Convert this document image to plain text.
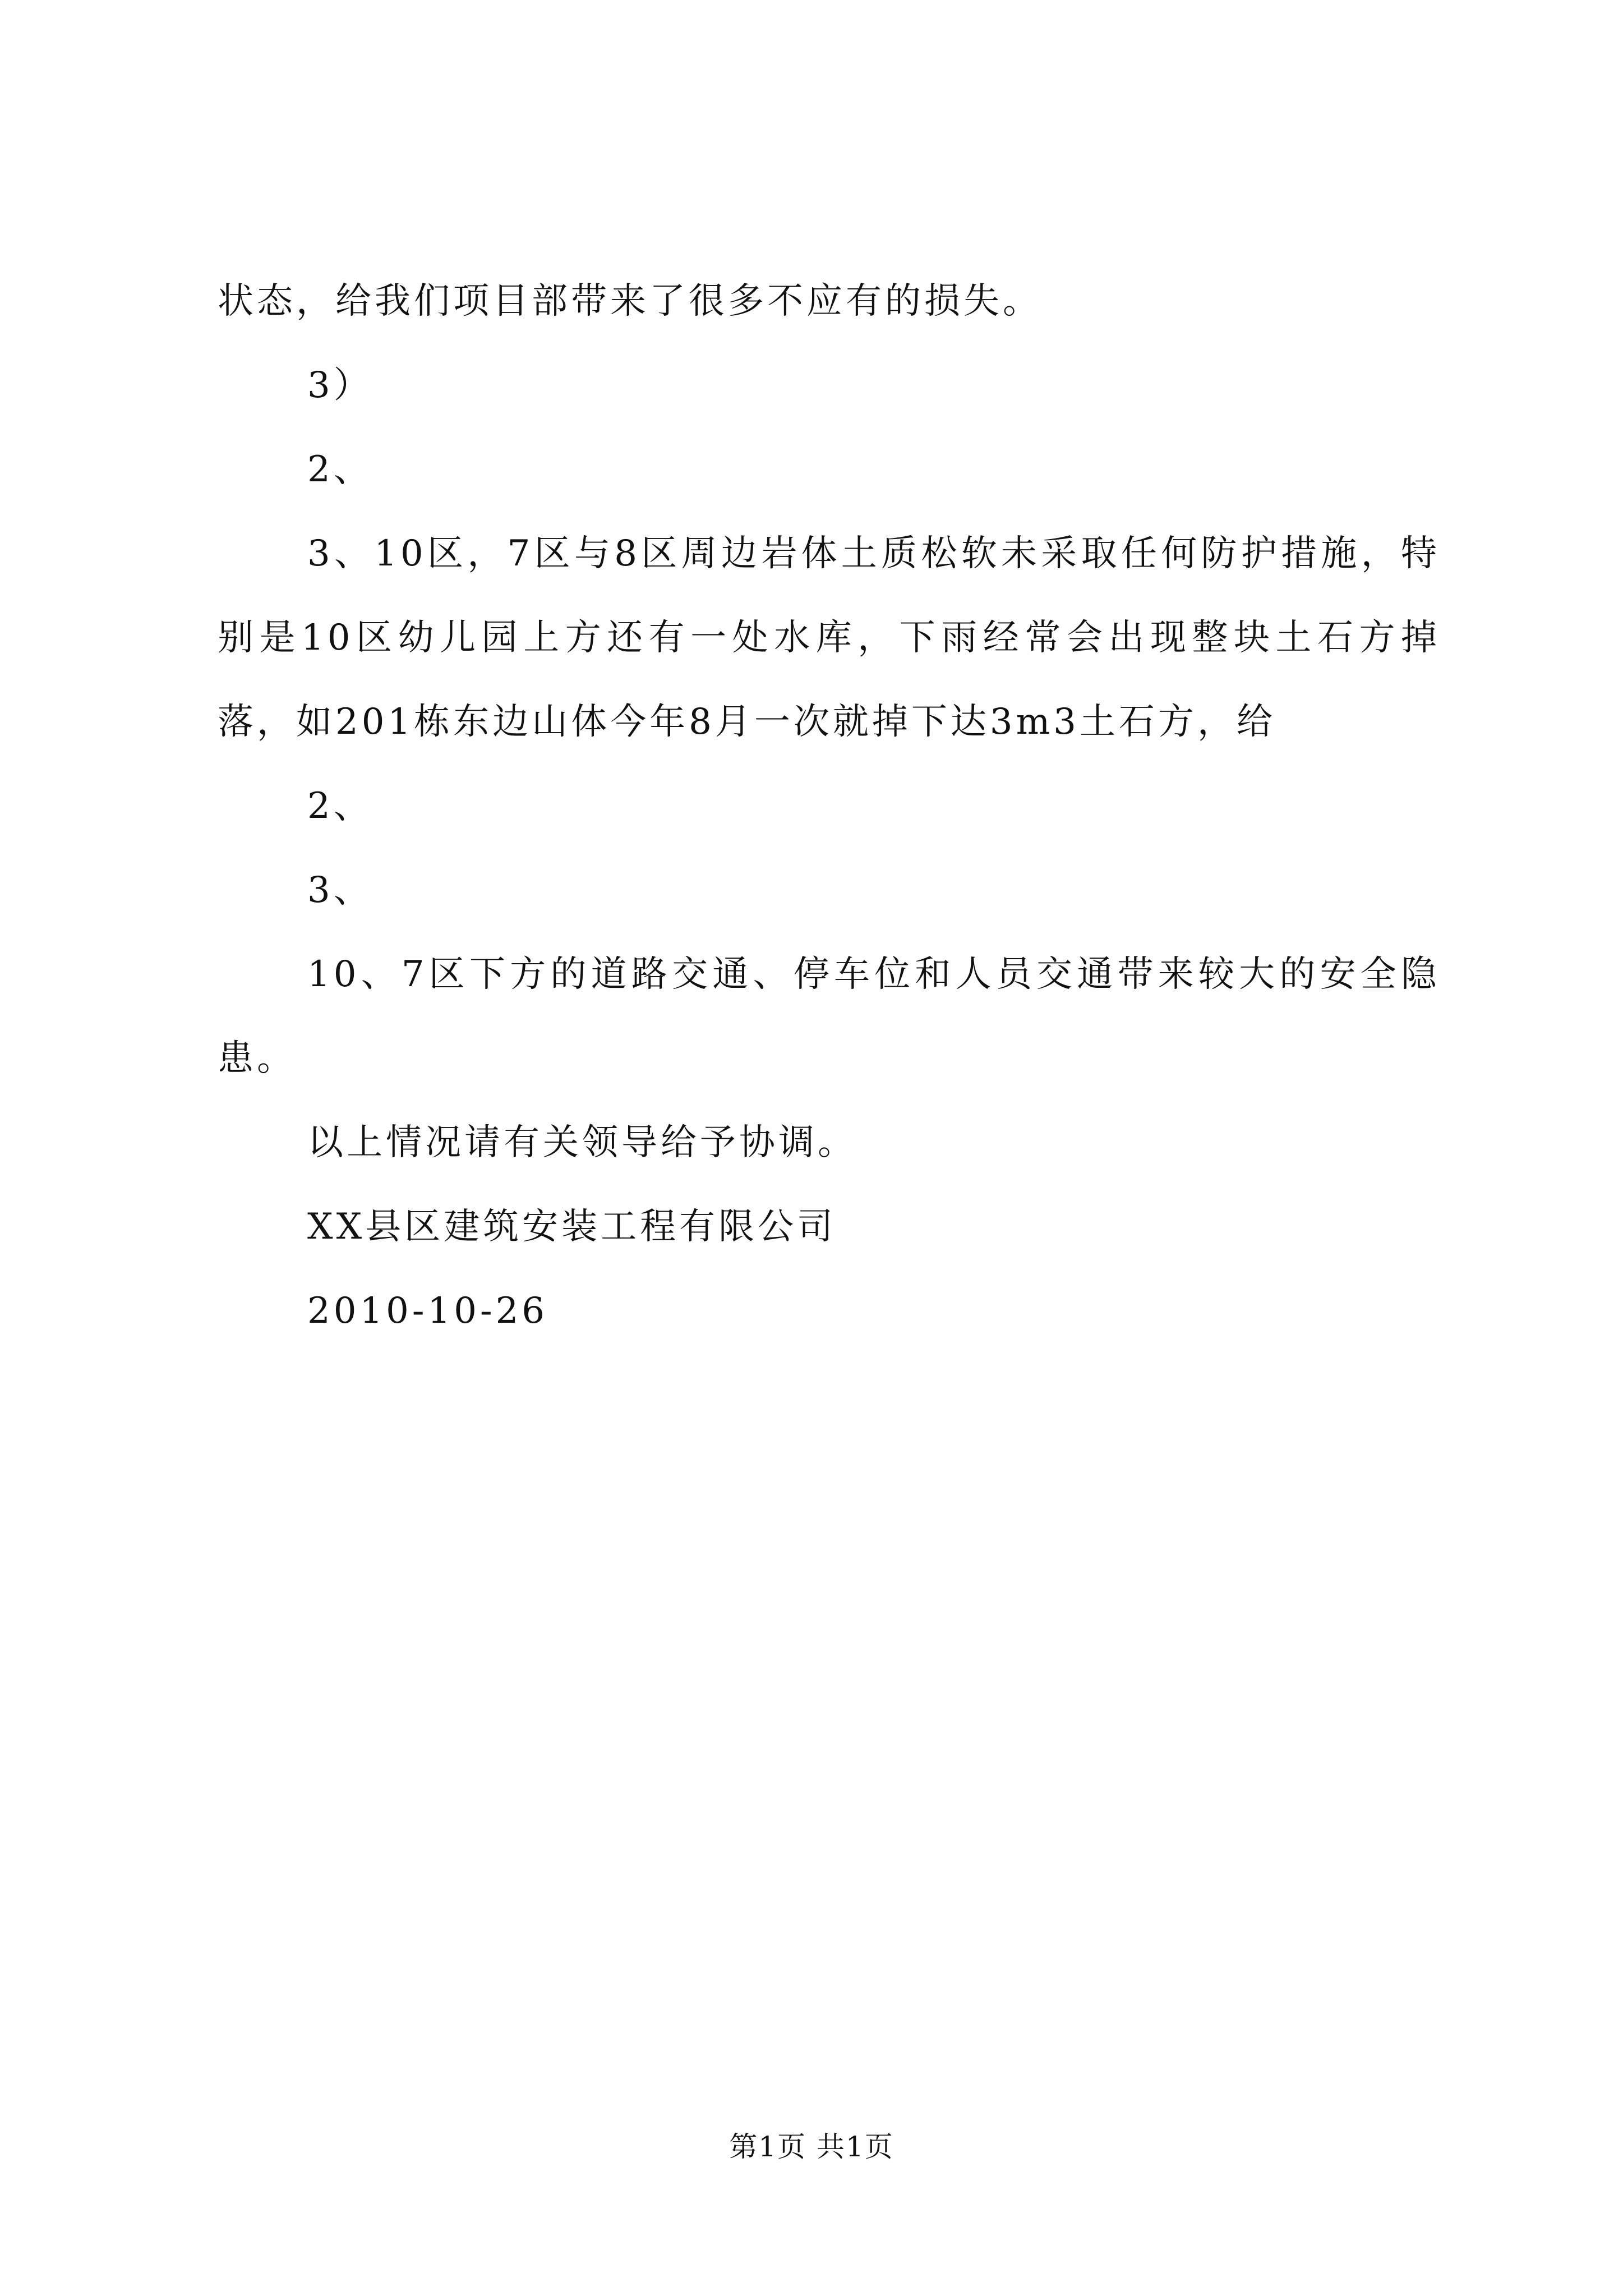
状态，给我们项目部带来了很多不应有的损失。

3）

2、

3、10区，7区与8区周边岩体土质松软未采取任何防护措施，特别是10区幼儿园上方还有一处水库，下雨经常会出现整块土石方掉落，如201栋东边山体今年8月一次就掉下达3m3土石方，给

2、

3、

10、7区下方的道路交通、停车位和人员交通带来较大的安全隐患。

以上情况请有关领导给予协调。

XX县区建筑安装工程有限公司

2010-10-26

第1页 共1页
